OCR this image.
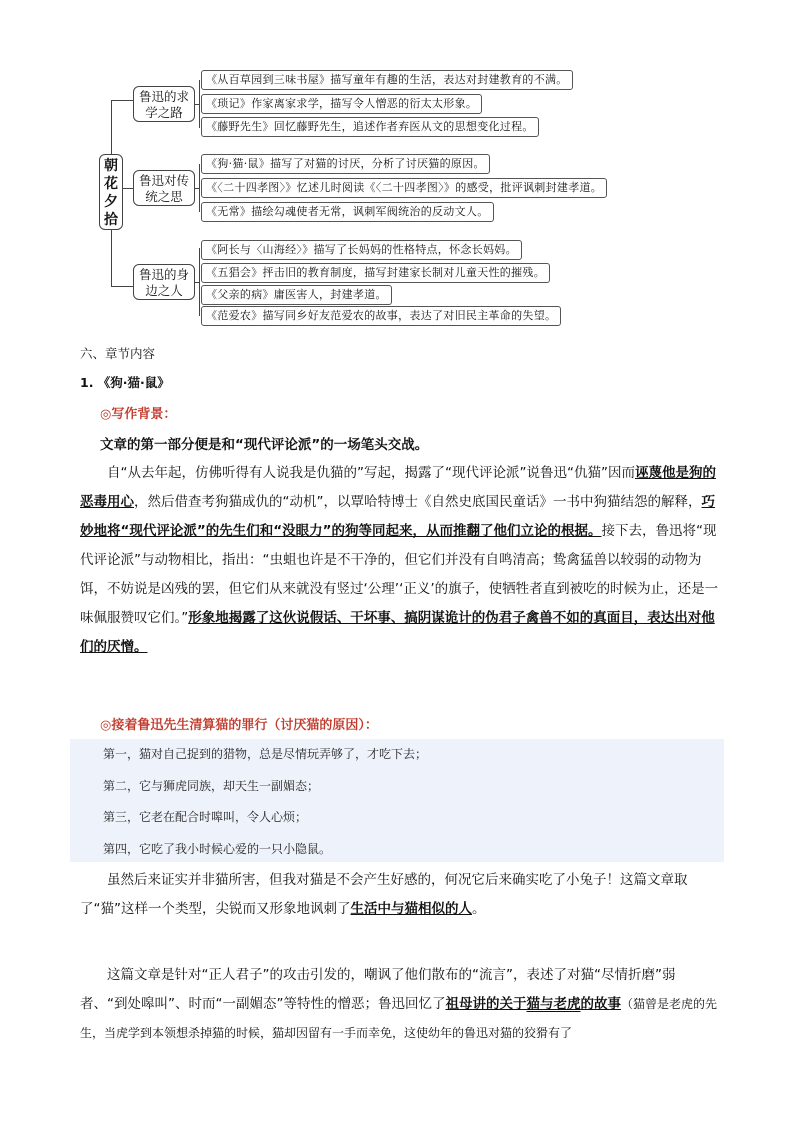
朝
花
夕
拾
鲁迅的求学之路
《从百草园到三味书屋》描写童年有趣的生活，表达对封建教育的不满。
《琐记》作家离家求学，描写令人憎恶的衍太太形象。
《藤野先生》回忆藤野先生，追述作者弃医从文的思想变化过程。
鲁迅对传统之思
《狗·猫·鼠》描写了对猫的讨厌，分析了讨厌猫的原因。
《〈二十四孝图〉》忆述儿时阅读《〈二十四孝图〉》的感受，批评讽刺封建孝道。
《无常》描绘勾魂使者无常，讽刺军阀统治的反动文人。
鲁迅的身边之人
《阿长与〈山海经〉》描写了长妈妈的性格特点，怀念长妈妈。
《五猖会》抨击旧的教育制度，描写封建家长制对儿童天性的摧残。
《父亲的病》庸医害人，封建孝道。
《范爱农》描写同乡好友范爱农的故事，表达了对旧民主革命的失望。
六、章节内容
1. 《狗·猫·鼠》
◎写作背景：
文章的第一部分便是和“现代评论派”的一场笔头交战。
自“从去年起，仿佛听得有人说我是仇猫的”写起，揭露了“现代评论派”说鲁迅“仇猫”因而诬蔑他是狗的恶毒用心，然后借查考狗猫成仇的“动机”，以覃哈特博士《自然史底国民童话》一书中狗猫结怨的解释，巧妙地将“现代评论派”的先生们和“没眼力”的狗等同起来，从而推翻了他们立论的根据。接下去，鲁迅将“现代评论派”与动物相比，指出：“虫蛆也许是不干净的，但它们并没有自鸣清高；鸷禽猛兽以较弱的动物为饵，不妨说是凶残的罢，但它们从来就没有竖过‘公理’‘正义’的旗子，使牺牲者直到被吃的时候为止，还是一味佩服赞叹它们。”形象地揭露了这伙说假话、干坏事、搞阴谋诡计的伪君子禽兽不如的真面目，表达出对他们的厌憎。
◎接着鲁迅先生清算猫的罪行（讨厌猫的原因）：
第一，猫对自己捉到的猎物，总是尽情玩弄够了，才吃下去；
第二，它与狮虎同族，却天生一副媚态；
第三，它老在配合时嗥叫，令人心烦；
第四，它吃了我小时候心爱的一只小隐鼠。
虽然后来证实并非猫所害，但我对猫是不会产生好感的，何况它后来确实吃了小兔子！这篇文章取了“猫”这样一个类型，尖锐而又形象地讽刺了生活中与猫相似的人。
这篇文章是针对“正人君子”的攻击引发的，嘲讽了他们散布的“流言”，表述了对猫“尽情折磨”弱者、“到处嗥叫”、时而“一副媚态”等特性的憎恶；鲁迅回忆了祖母讲的关于猫与老虎的故事（猫曾是老虎的先生，当虎学到本领想杀掉猫的时候，猫却因留有一手而幸免，这使幼年的鲁迅对猫的狡猾有了
